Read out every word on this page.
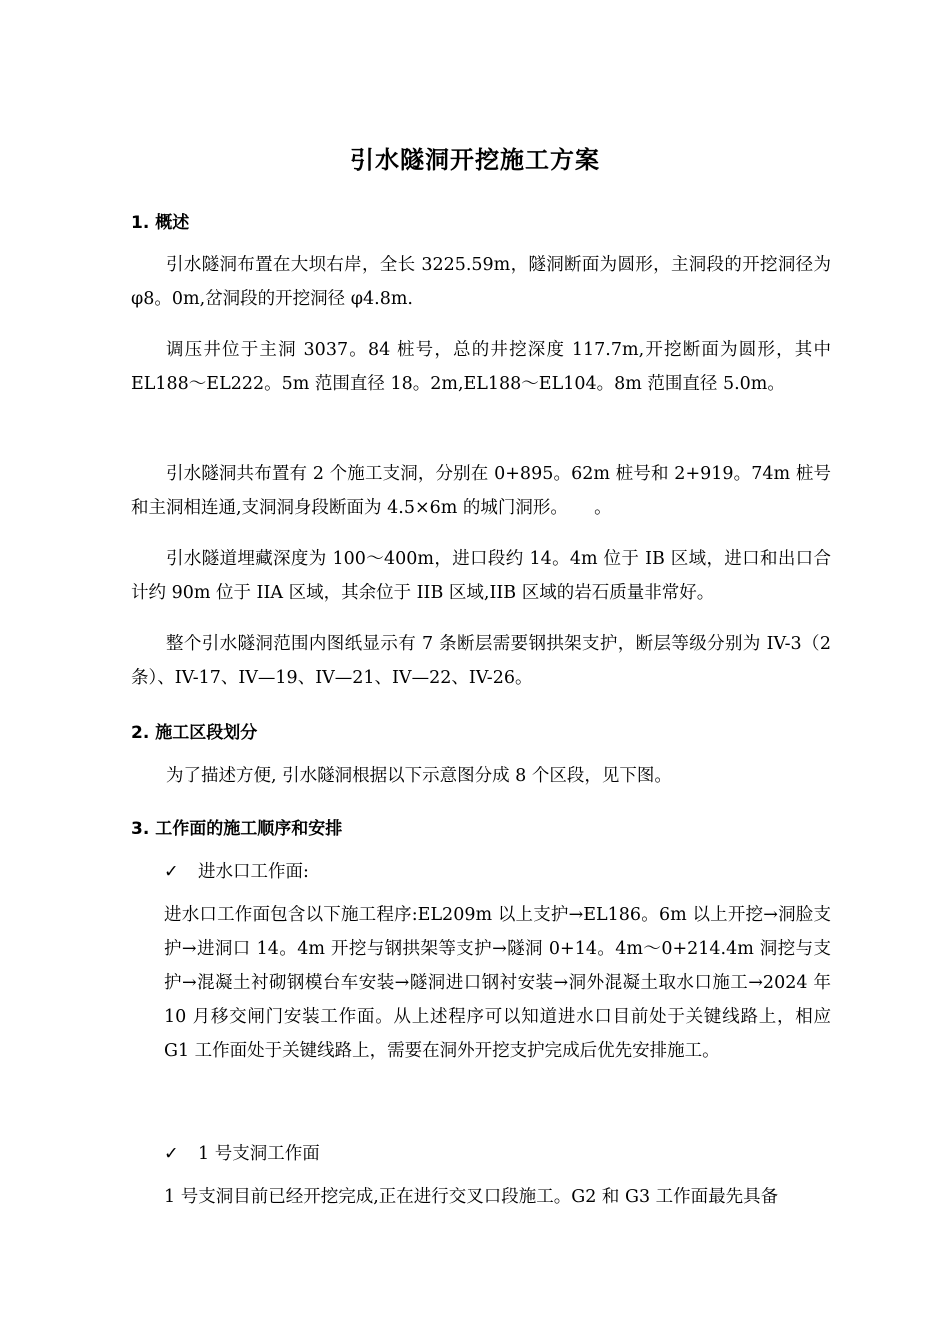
引水隧洞开挖施工方案
1. 概述

引水隧洞布置在大坝右岸，全长 3225.59m，隧洞断面为圆形，主洞段的开挖洞径为 φ8。0m,岔洞段的开挖洞径 φ4.8m.

调压井位于主洞 3037。84 桩号，总的井挖深度 117.7m,开挖断面为圆形，其中 EL188～EL222。5m 范围直径 18。2m,EL188～EL104。8m 范围直径 5.0m。

引水隧洞共布置有 2 个施工支洞，分别在 0+895。62m 桩号和 2+919。74m 桩号和主洞相连通,支洞洞身段断面为 4.5×6m 的城门洞形。　　。

引水隧道埋藏深度为 100～400m，进口段约 14。4m 位于 IB 区域，进口和出口合计约 90m 位于 IIA 区域，其余位于 IIB 区域,IIB 区域的岩石质量非常好。

整个引水隧洞范围内图纸显示有 7 条断层需要钢拱架支护，断层等级分别为 IV-3（2 条）、IV-17、IV—19、IV—21、IV—22、IV-26。

2. 施工区段划分

为了描述方便, 引水隧洞根据以下示意图分成 8 个区段，见下图。

3. 工作面的施工顺序和安排
✓ 进水口工作面:

进水口工作面包含以下施工程序:EL209m 以上支护→EL186。6m 以上开挖→洞脸支护→进洞口 14。4m 开挖与钢拱架等支护→隧洞 0+14。4m～0+214.4m 洞挖与支护→混凝土衬砌钢模台车安装→隧洞进口钢衬安装→洞外混凝土取水口施工→2024 年 10 月移交闸门安装工作面。从上述程序可以知道进水口目前处于关键线路上，相应 G1 工作面处于关键线路上，需要在洞外开挖支护完成后优先安排施工。

✓ 1 号支洞工作面

1 号支洞目前已经开挖完成,正在进行交叉口段施工。G2 和 G3 工作面最先具备
